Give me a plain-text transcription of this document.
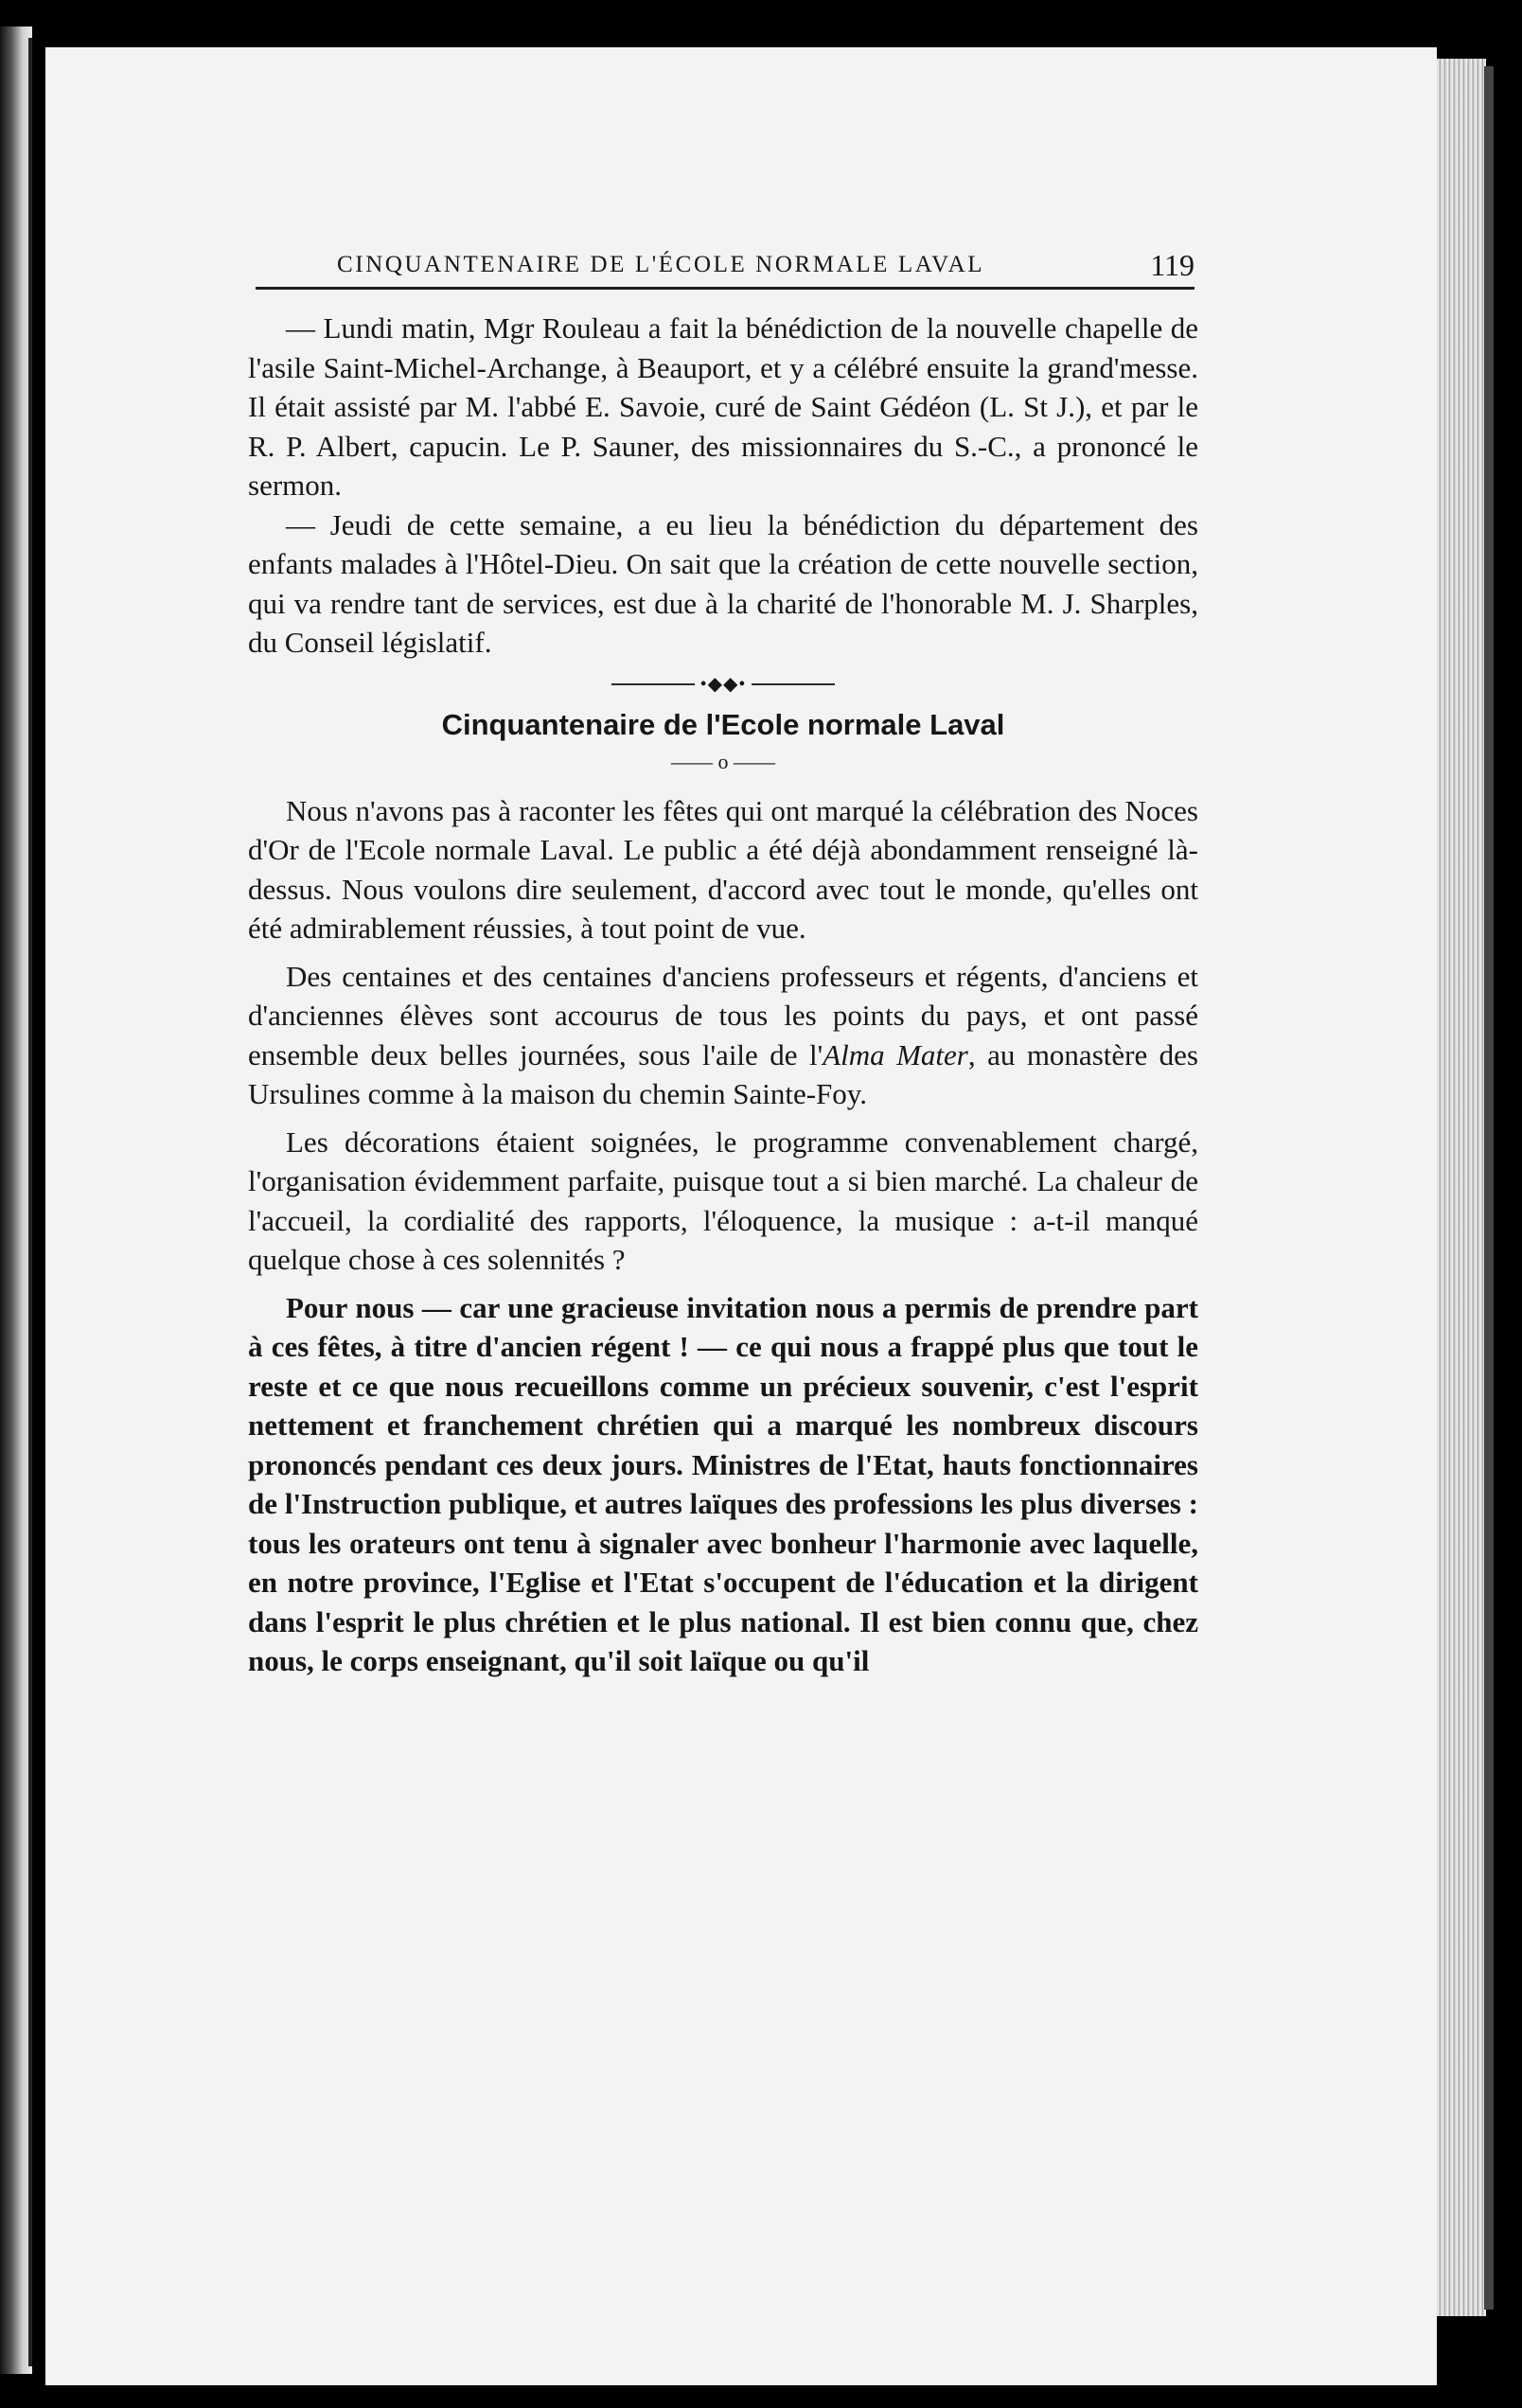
CINQUANTENAIRE DE L'ÉCOLE NORMALE LAVAL	119

— Lundi matin, Mgr Rouleau a fait la bénédiction de la nouvelle chapelle de l'asile Saint-Michel-Archange, à Beauport, et y a célébré ensuite la grand'messe. Il était assisté par M. l'abbé E. Savoie, curé de Saint Gédéon (L. St J.), et par le R. P. Albert, capucin. Le P. Sauner, des missionnaires du S.-C., a prononcé le sermon.

— Jeudi de cette semaine, a eu lieu la bénédiction du département des enfants malades à l'Hôtel-Dieu. On sait que la création de cette nouvelle section, qui va rendre tant de services, est due à la charité de l'honorable M. J. Sharples, du Conseil législatif.

•◆◆•
Cinquantenaire de l'Ecole normale Laval
—— o ——

Nous n'avons pas à raconter les fêtes qui ont marqué la célébration des Noces d'Or de l'Ecole normale Laval. Le public a été déjà abondamment renseigné là-dessus. Nous voulons dire seulement, d'accord avec tout le monde, qu'elles ont été admirablement réussies, à tout point de vue.

Des centaines et des centaines d'anciens professeurs et régents, d'anciens et d'anciennes élèves sont accourus de tous les points du pays, et ont passé ensemble deux belles journées, sous l'aile de l'Alma Mater, au monastère des Ursulines comme à la maison du chemin Sainte-Foy.

Les décorations étaient soignées, le programme convenablement chargé, l'organisation évidemment parfaite, puisque tout a si bien marché. La chaleur de l'accueil, la cordialité des rapports, l'éloquence, la musique : a-t-il manqué quelque chose à ces solennités ?

Pour nous — car une gracieuse invitation nous a permis de prendre part à ces fêtes, à titre d'ancien régent ! — ce qui nous a frappé plus que tout le reste et ce que nous recueillons comme un précieux souvenir, c'est l'esprit nettement et franchement chrétien qui a marqué les nombreux discours prononcés pendant ces deux jours. Ministres de l'Etat, hauts fonctionnaires de l'Instruction publique, et autres laïques des professions les plus diverses : tous les orateurs ont tenu à signaler avec bonheur l'harmonie avec laquelle, en notre province, l'Eglise et l'Etat s'occupent de l'éducation et la dirigent dans l'esprit le plus chrétien et le plus national. Il est bien connu que, chez nous, le corps enseignant, qu'il soit laïque ou qu'il
